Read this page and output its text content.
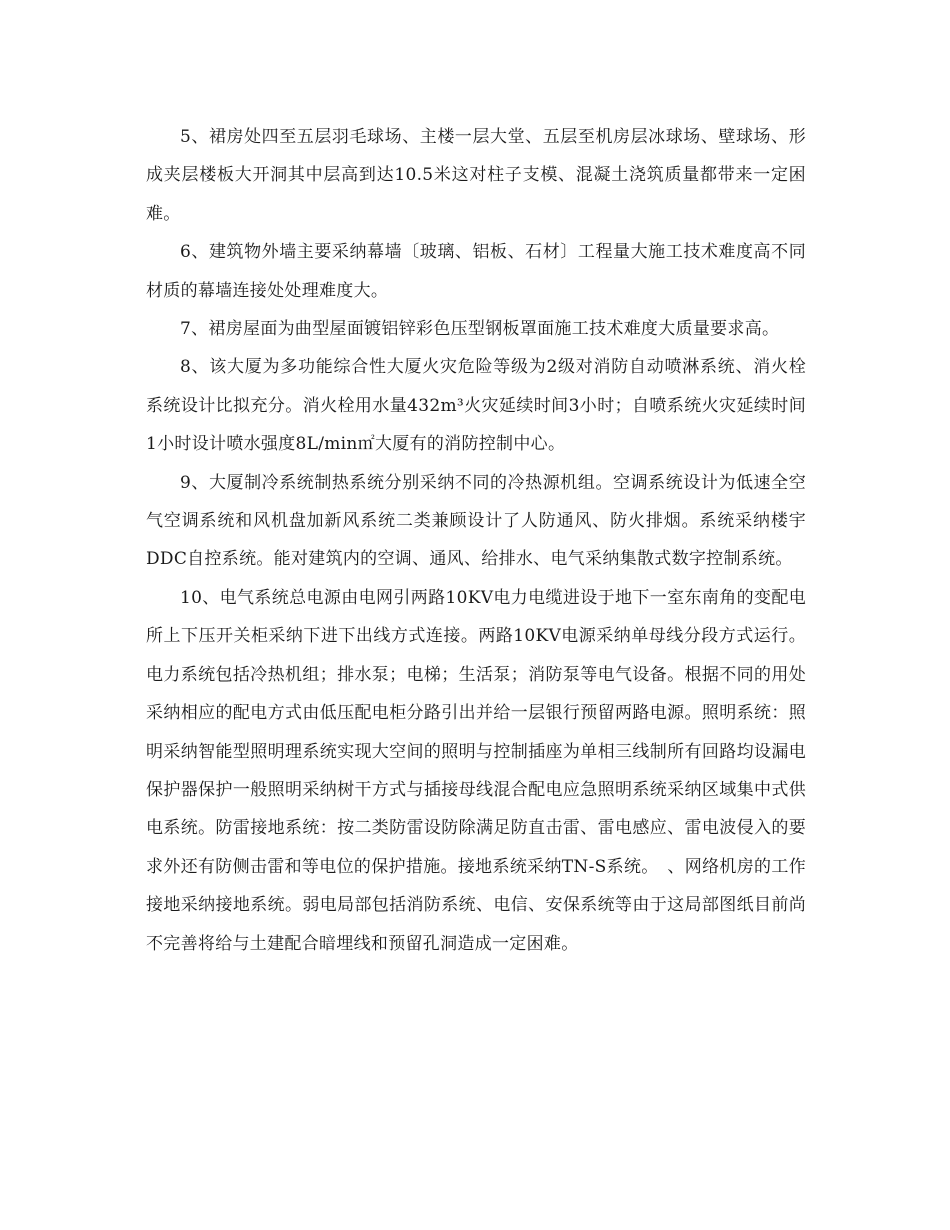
5、裙房处四至五层羽毛球场、主楼一层大堂、五层至机房层冰球场、壁球场、形成夹层楼板大开洞其中层高到达10.5米这对柱子支模、混凝土浇筑质量都带来一定困难。

6、建筑物外墙主要采纳幕墙〔玻璃、铝板、石材〕工程量大施工技术难度高不同材质的幕墙连接处处理难度大。

7、裙房屋面为曲型屋面镀铝锌彩色压型钢板罩面施工技术难度大质量要求高。

8、该大厦为多功能综合性大厦火灾危险等级为2级对消防自动喷淋系统、消火栓系统设计比拟充分。消火栓用水量432m³火灾延续时间3小时；自喷系统火灾延续时间1小时设计喷水强度8L/min㎡大厦有的消防控制中心。

9、大厦制冷系统制热系统分别采纳不同的冷热源机组。空调系统设计为低速全空气空调系统和风机盘加新风系统二类兼顾设计了人防通风、防火排烟。系统采纳楼宇DDC自控系统。能对建筑内的空调、通风、给排水、电气采纳集散式数字控制系统。

10、电气系统总电源由电网引两路10KV电力电缆进设于地下一室东南角的变配电所上下压开关柜采纳下进下出线方式连接。两路10KV电源采纳单母线分段方式运行。电力系统包括冷热机组；排水泵；电梯；生活泵；消防泵等电气设备。根据不同的用处采纳相应的配电方式由低压配电柜分路引出并给一层银行预留两路电源。照明系统：照明采纳智能型照明理系统实现大空间的照明与控制插座为单相三线制所有回路均设漏电保护器保护一般照明采纳树干方式与插接母线混合配电应急照明系统采纳区域集中式供电系统。防雷接地系统：按二类防雷设防除满足防直击雷、雷电感应、雷电波侵入的要求外还有防侧击雷和等电位的保护措施。接地系统采纳TN-S系统。　、网络机房的工作接地采纳接地系统。弱电局部包括消防系统、电信、安保系统等由于这局部图纸目前尚不完善将给与土建配合暗埋线和预留孔洞造成一定困难。
